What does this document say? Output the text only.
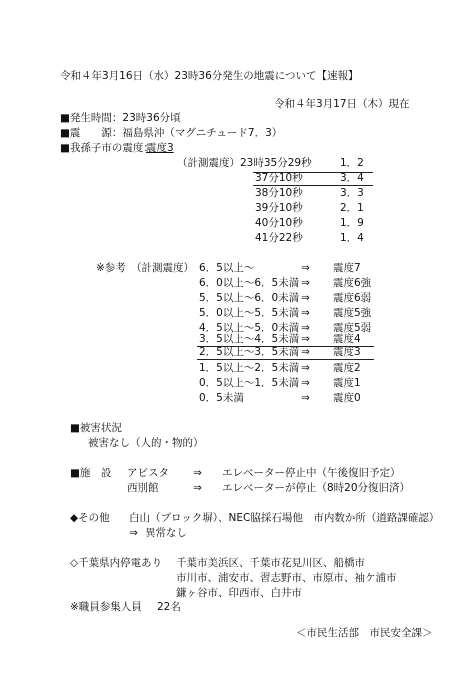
令和４年3月16日（水）23時36分発生の地震について【速報】
令和４年3月17日（木）現在
■発生時間：23時36分頃
■震　　源：福島県沖（マグニチュード7．3）
■我孫子市の震度：
震度3
（計測震度）23時35分29秒	1．2
37分10秒	3．4
38分10秒	3．3
39分10秒	2．1
40分10秒	1．9
41分22秒	1．4
※参考　（計測震度） 6．5以上～	⇒ 震度7
6．0以上～6．5未満 ⇒ 震度6強
5．5以上～6．0未満 ⇒ 震度6弱
5．0以上～5．5未満 ⇒ 震度5強
4．5以上～5．0未満 ⇒ 震度5弱
3．5以上～4．5未満 ⇒ 震度4
2．5以上～3．5未満 ⇒ 震度3
1．5以上～2．5未満 ⇒ 震度2
0．5以上～1．5未満 ⇒ 震度1
0．5未満	⇒ 震度0
■被害状況
被害なし（人的・物的）
■施　設 アビスタ ⇒ エレベーター停止中（午後復旧予定）
西別館	⇒ エレベーターが停止（8時20分復旧済）
◆その他 白山（ブロック塀）、NEC脇採石場他　市内数か所（道路課確認）
⇒ 異常なし
◇千葉県内停電あり 千葉市美浜区、千葉市花見川区、船橋市
市川市、浦安市、習志野市、市原市、袖ケ浦市
鎌ヶ谷市、印西市、白井市
※職員参集人員 22名
＜市民生活部　市民安全課＞
